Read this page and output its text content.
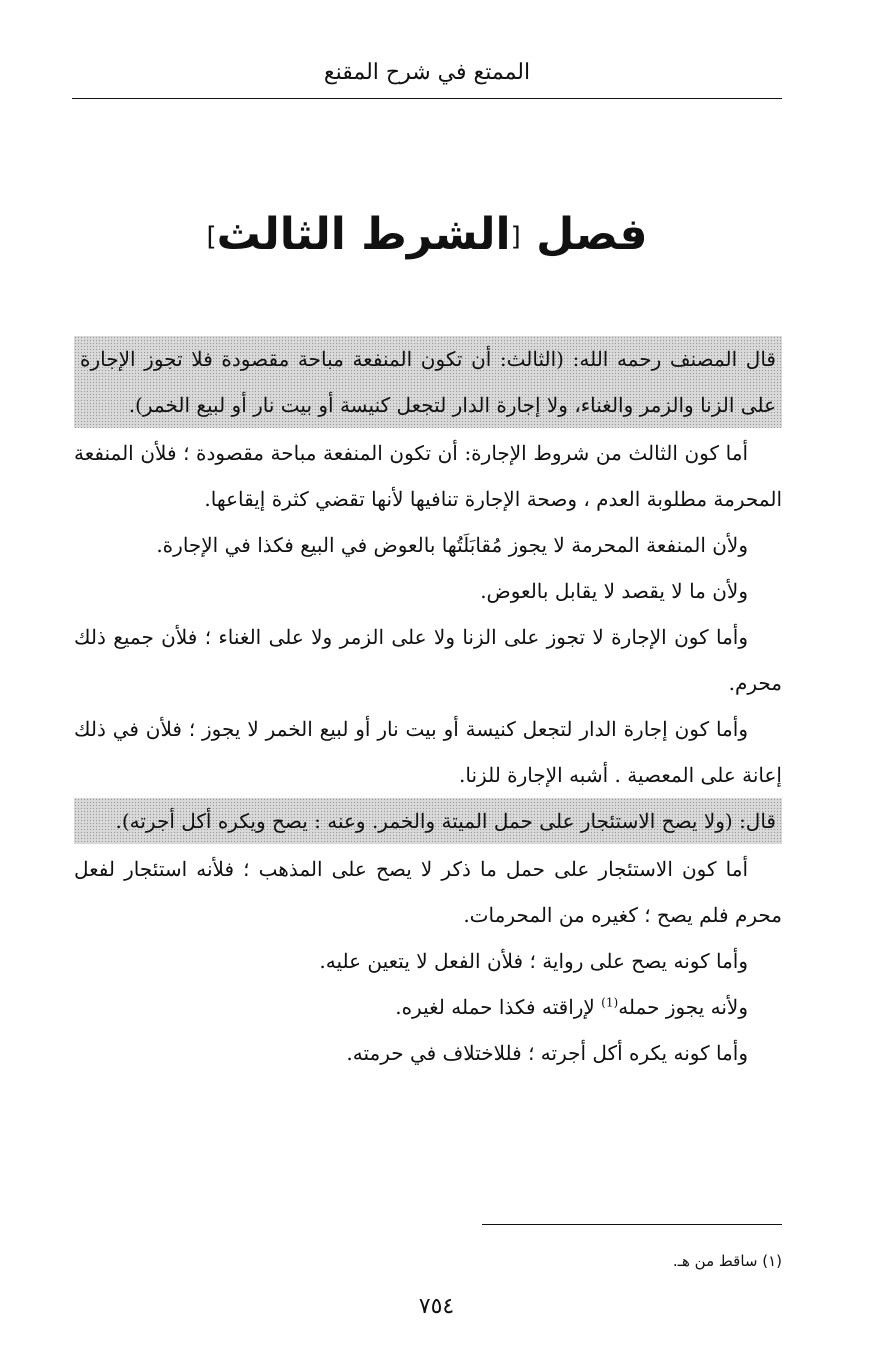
الممتع في شرح المقنع
فصل [الشرط الثالث]
قال المصنف رحمه الله: (الثالث: أن تكون المنفعة مباحة مقصودة فلا تجوز الإجارة على الزنا والزمر والغناء، ولا إجارة الدار لتجعل كنيسة أو بيت نار أو لبيع الخمر).

أما كون الثالث من شروط الإجارة: أن تكون المنفعة مباحة مقصودة ؛ فلأن المنفعة المحرمة مطلوبة العدم ، وصحة الإجارة تنافيها لأنها تقضي كثرة إيقاعها.

ولأن المنفعة المحرمة لا يجوز مُقابَلَتُها بالعوض في البيع فكذا في الإجارة.

ولأن ما لا يقصد لا يقابل بالعوض.

وأما كون الإجارة لا تجوز على الزنا ولا على الزمر ولا على الغناء ؛ فلأن جميع ذلك محرم.

وأما كون إجارة الدار لتجعل كنيسة أو بيت نار أو لبيع الخمر لا يجوز ؛ فلأن في ذلك إعانة على المعصية . أشبه الإجارة للزنا.

قال: (ولا يصح الاستئجار على حمل الميتة والخمر. وعنه : يصح ويكره أكل أجرته).

أما كون الاستئجار على حمل ما ذكر لا يصح على المذهب ؛ فلأنه استئجار لفعل محرم فلم يصح ؛ كغيره من المحرمات.

وأما كونه يصح على رواية ؛ فلأن الفعل لا يتعين عليه.

ولأنه يجوز حمله$^{(1)}$ لإراقته فكذا حمله لغيره.

وأما كونه يكره أكل أجرته ؛ فللاختلاف في حرمته.

(١) ساقط من هـ.
٧٥٤
